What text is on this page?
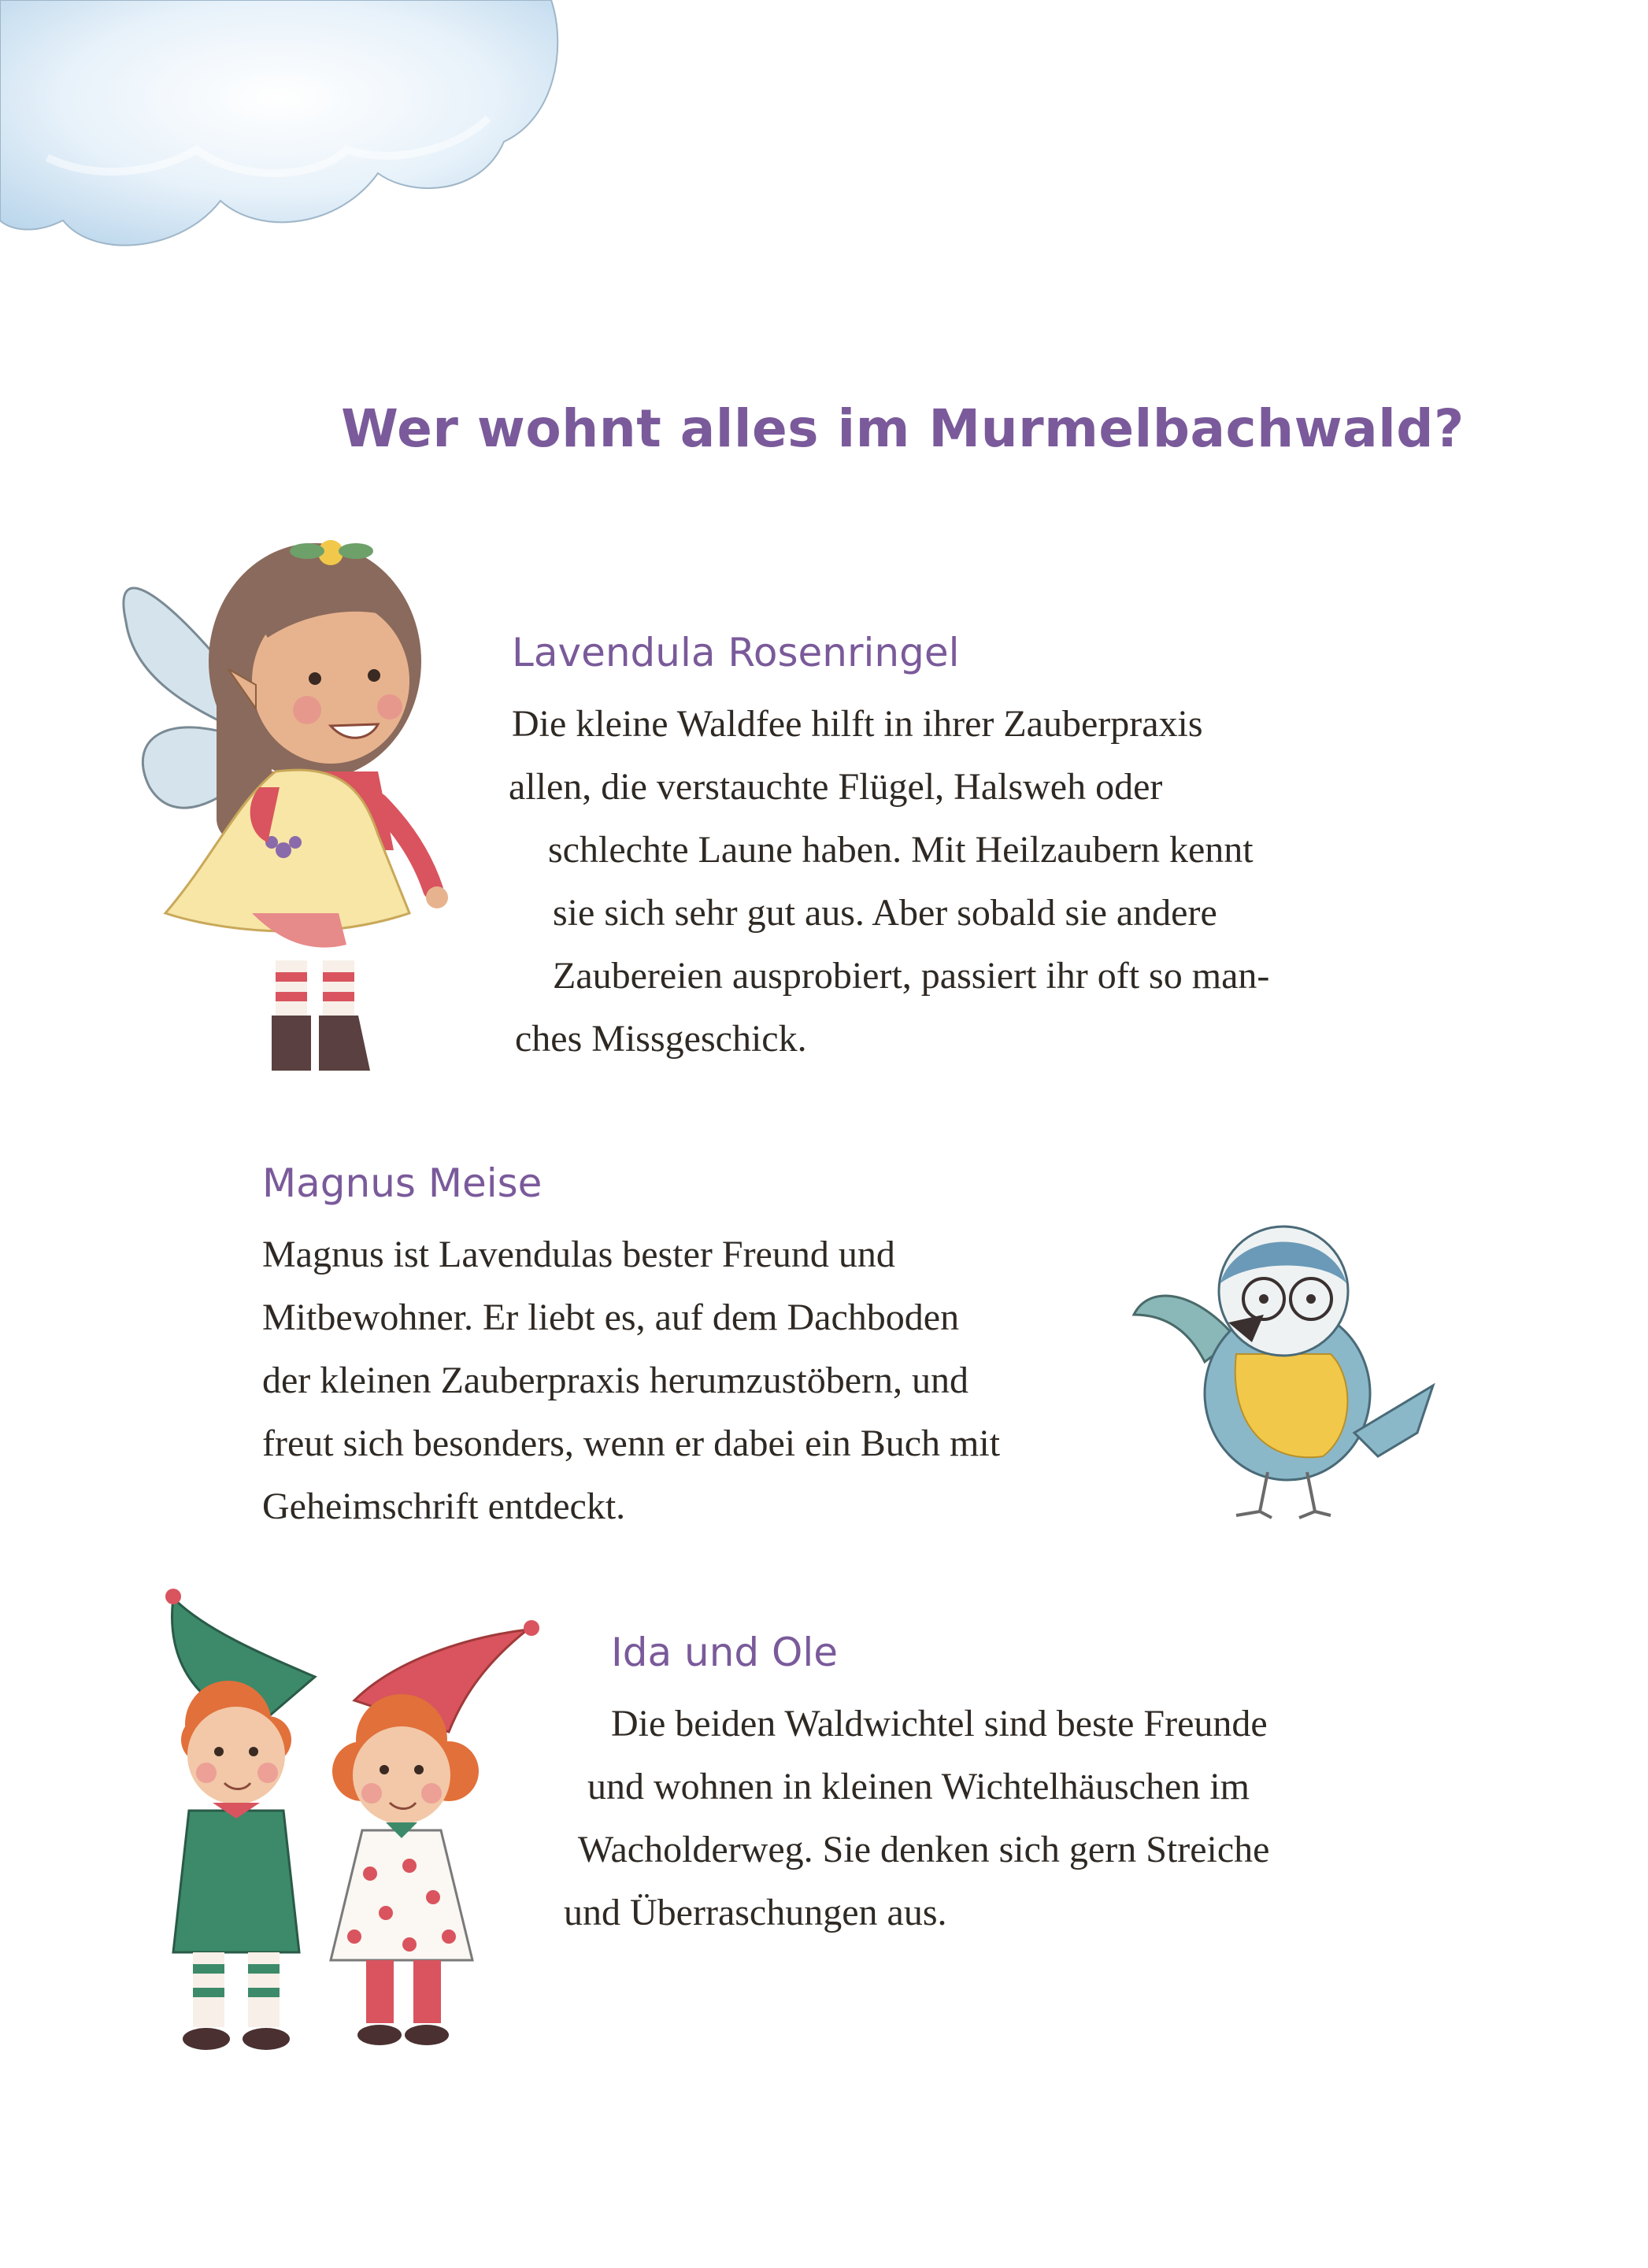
Wer wohnt alles im Murmelbachwald?
Lavendula Rosenringel

Die kleine Waldfee hilft in ihrer Zauberpraxis
allen, die verstauchte Flügel, Halsweh oder
schlechte Laune haben. Mit Heilzaubern kennt
sie sich sehr gut aus. Aber sobald sie andere
Zaubereien ausprobiert, passiert ihr oft so man-
ches Missgeschick.

Magnus Meise

Magnus ist Lavendulas bester Freund und
Mitbewohner. Er liebt es, auf dem Dachboden
der kleinen Zauberpraxis herumzustöbern, und
freut sich besonders, wenn er dabei ein Buch mit
Geheimschrift entdeckt.

Ida und Ole

Die beiden Waldwichtel sind beste Freunde
und wohnen in kleinen Wichtelhäuschen im
Wacholderweg. Sie denken sich gern Streiche
und Überraschungen aus.
